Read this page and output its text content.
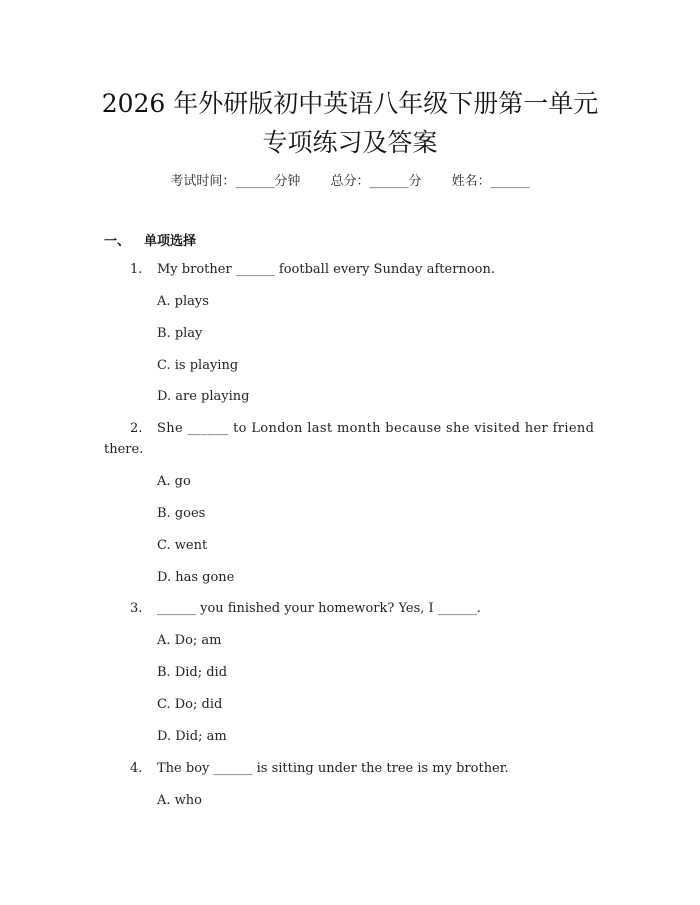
2026 年外研版初中英语八年级下册第一单元
专项练习及答案
考试时间：______分钟 总分：______分 姓名：______
一、 单项选择
1. My brother ______ football every Sunday afternoon.
A. plays
B. play
C. is playing
D. are playing
2. She ______ to London last month because she visited her friend
there.
A. go
B. goes
C. went
D. has gone
3. ______ you finished your homework? Yes, I ______.
A. Do; am
B. Did; did
C. Do; did
D. Did; am
4. The boy ______ is sitting under the tree is my brother.
A. who
